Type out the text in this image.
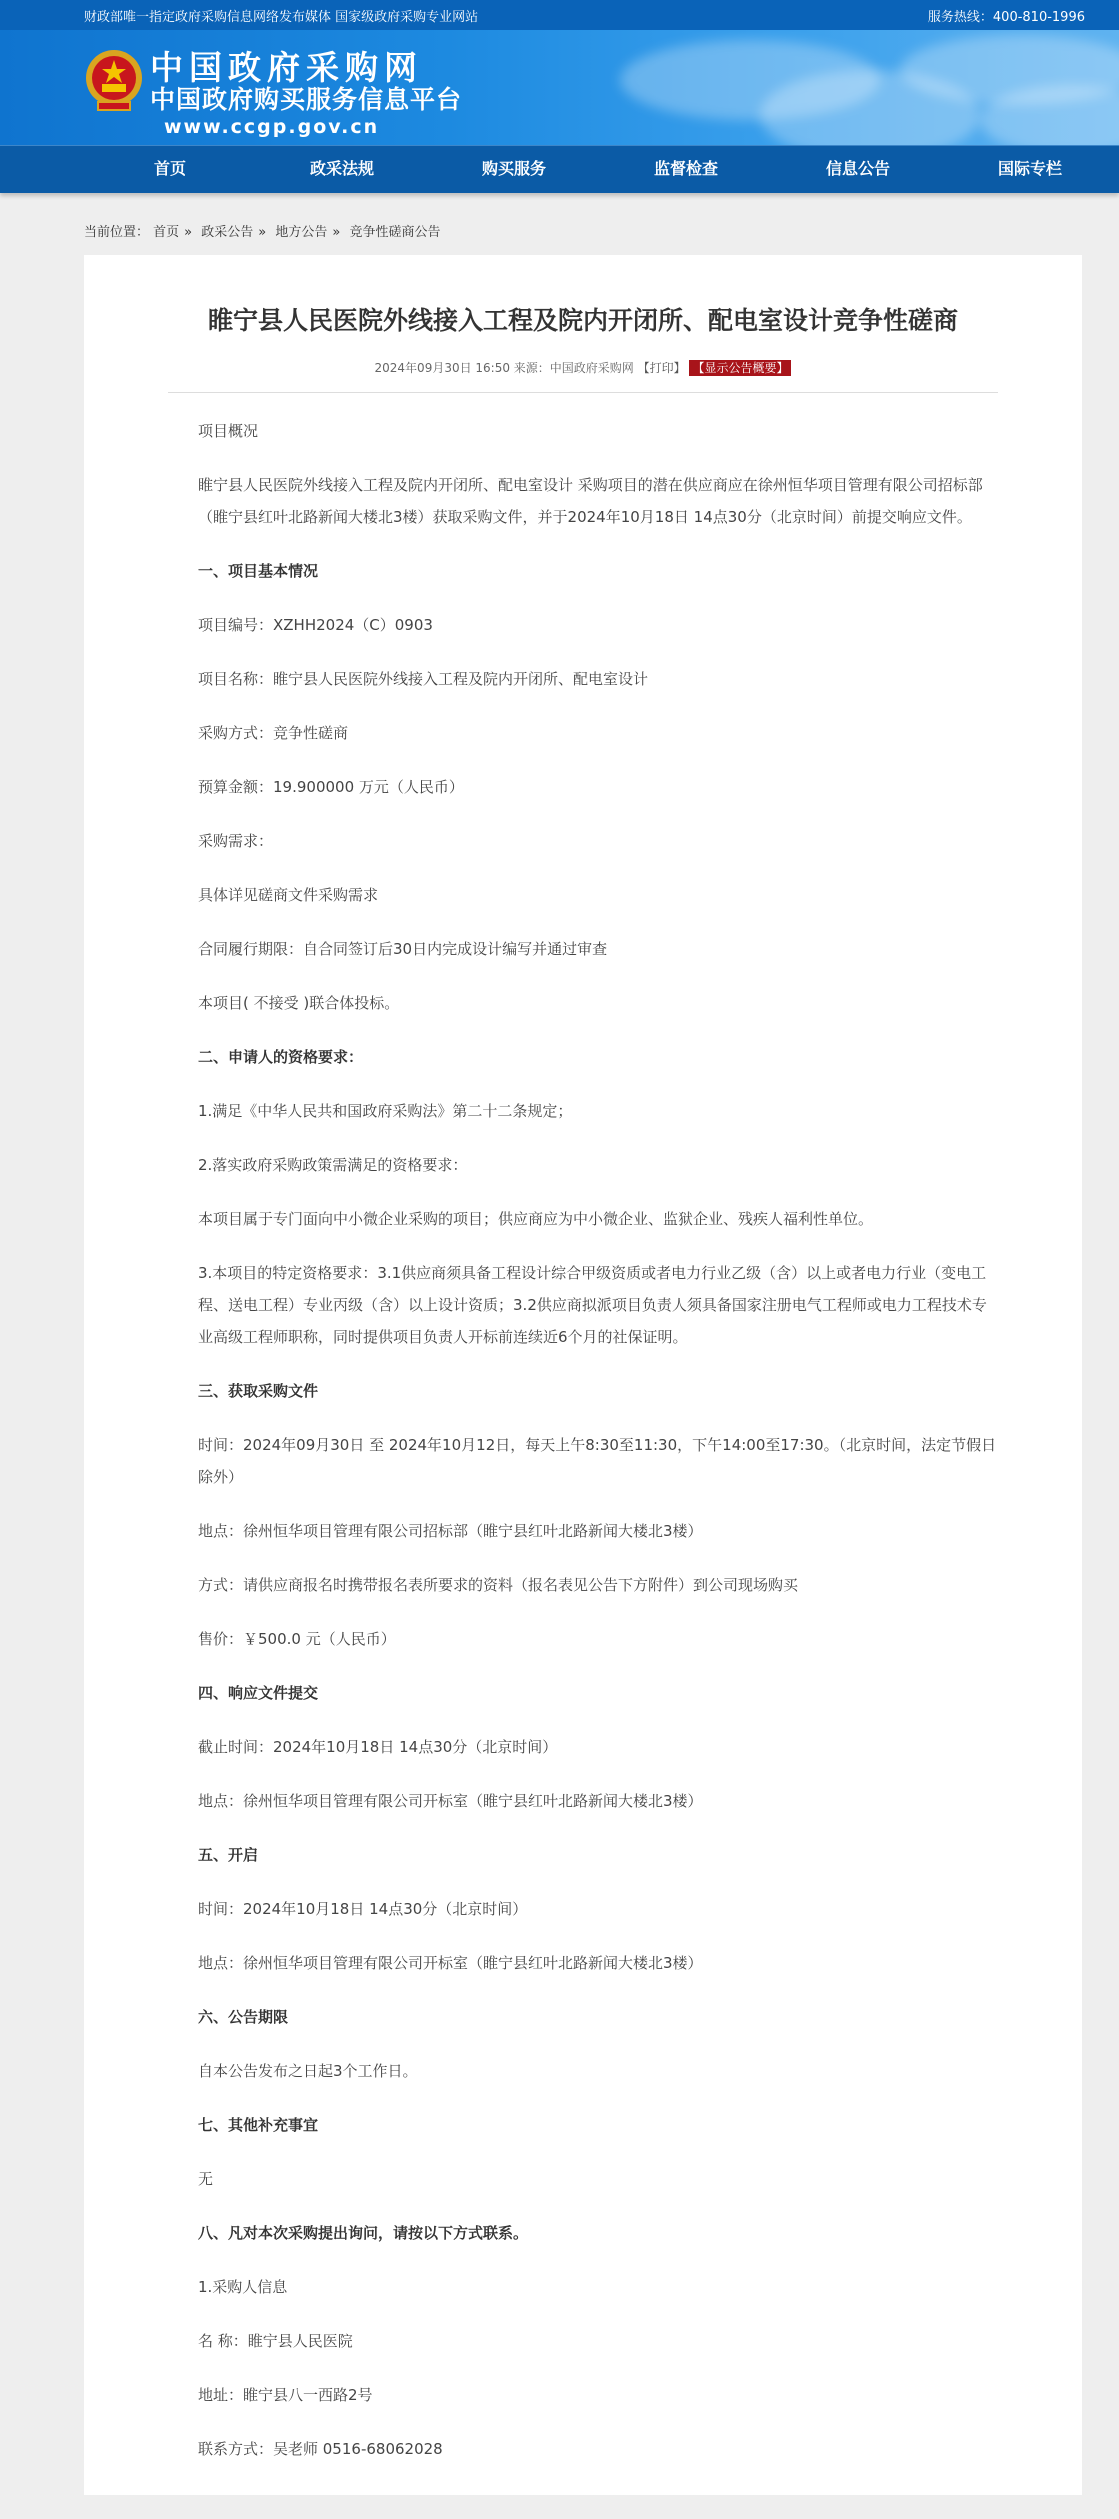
财政部唯一指定政府采购信息网络发布媒体 国家级政府采购专业网站	服务热线：400-810-1996
中国政府采购网
中国政府购买服务信息平台
www.ccgp.gov.cn
首页	政采法规	购买服务	监督检查	信息公告	国际专栏
当前位置： 首页 » 政采公告 » 地方公告 » 竞争性磋商公告
睢宁县人民医院外线接入工程及院内开闭所、配电室设计竞争性磋商
2024年09月30日 16:50 来源：中国政府采购网 【打印】 【显示公告概要】

项目概况

睢宁县人民医院外线接入工程及院内开闭所、配电室设计 采购项目的潜在供应商应在徐州恒华项目管理有限公司招标部（睢宁县红叶北路新闻大楼北3楼）获取采购文件，并于2024年10月18日 14点30分（北京时间）前提交响应文件。

一、项目基本情况

项目编号：XZHH2024（C）0903

项目名称：睢宁县人民医院外线接入工程及院内开闭所、配电室设计

采购方式：竞争性磋商

预算金额：19.900000 万元（人民币）

采购需求：

具体详见磋商文件采购需求

合同履行期限：自合同签订后30日内完成设计编写并通过审查

本项目( 不接受 )联合体投标。

二、申请人的资格要求：

1.满足《中华人民共和国政府采购法》第二十二条规定；

2.落实政府采购政策需满足的资格要求：

本项目属于专门面向中小微企业采购的项目；供应商应为中小微企业、监狱企业、残疾人福利性单位。

3.本项目的特定资格要求：3.1供应商须具备工程设计综合甲级资质或者电力行业乙级（含）以上或者电力行业（变电工程、送电工程）专业丙级（含）以上设计资质；3.2供应商拟派项目负责人须具备国家注册电气工程师或电力工程技术专业高级工程师职称，同时提供项目负责人开标前连续近6个月的社保证明。

三、获取采购文件

时间：2024年09月30日 至 2024年10月12日，每天上午8:30至11:30，下午14:00至17:30。（北京时间，法定节假日除外）

地点：徐州恒华项目管理有限公司招标部（睢宁县红叶北路新闻大楼北3楼）

方式：请供应商报名时携带报名表所要求的资料（报名表见公告下方附件）到公司现场购买

售价：￥500.0 元（人民币）

四、响应文件提交

截止时间：2024年10月18日 14点30分（北京时间）

地点：徐州恒华项目管理有限公司开标室（睢宁县红叶北路新闻大楼北3楼）

五、开启

时间：2024年10月18日 14点30分（北京时间）

地点：徐州恒华项目管理有限公司开标室（睢宁县红叶北路新闻大楼北3楼）

六、公告期限

自本公告发布之日起3个工作日。

七、其他补充事宜

无

八、凡对本次采购提出询问，请按以下方式联系。

1.采购人信息

名 称：睢宁县人民医院

地址：睢宁县八一西路2号

联系方式：吴老师 0516-68062028
